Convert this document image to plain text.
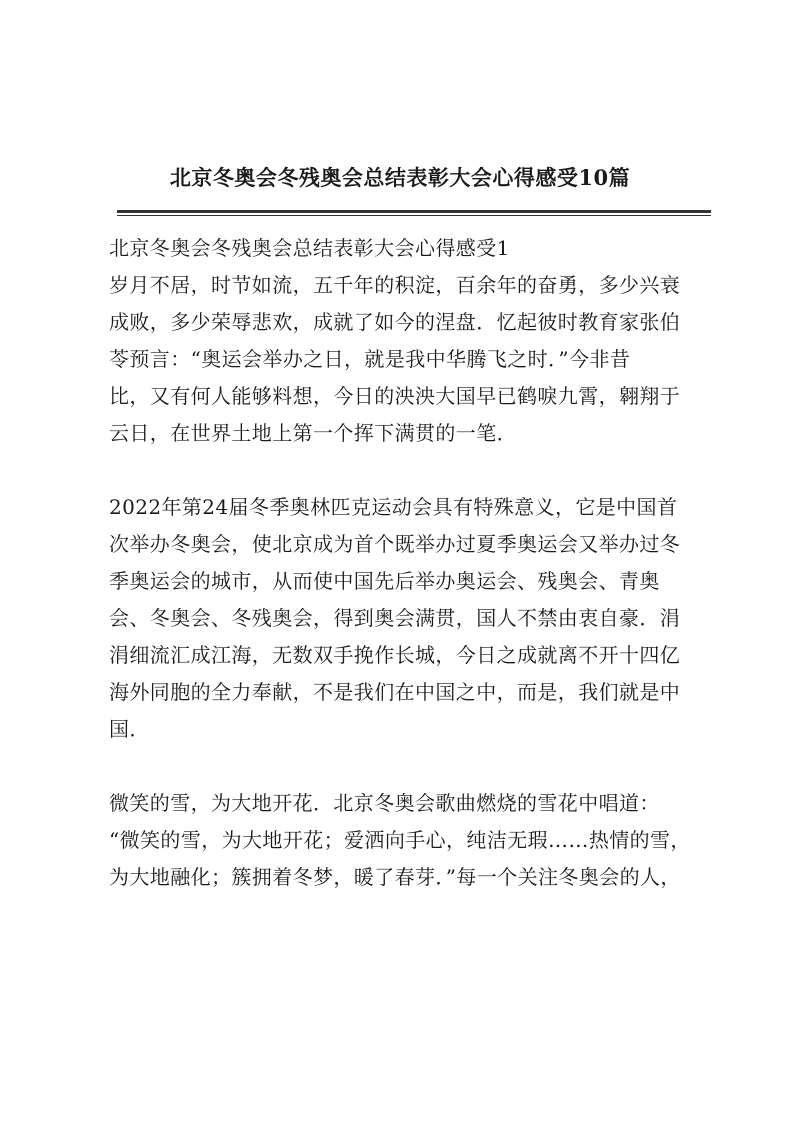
北京冬奥会冬残奥会总结表彰大会心得感受10篇
北京冬奥会冬残奥会总结表彰大会心得感受1
岁月不居，时节如流，五千年的积淀，百余年的奋勇，多少兴衰
成败，多少荣辱悲欢，成就了如今的涅盘．忆起彼时教育家张伯
苓预言：“奥运会举办之日，就是我中华腾飞之时．”今非昔
比，又有何人能够料想，今日的泱泱大国早已鹤唳九霄，翱翔于
云日，在世界土地上第一个挥下满贯的一笔．
2022年第24届冬季奥林匹克运动会具有特殊意义，它是中国首
次举办冬奥会，使北京成为首个既举办过夏季奥运会又举办过冬
季奥运会的城市，从而使中国先后举办奥运会、残奥会、青奥
会、冬奥会、冬残奥会，得到奥会满贯，国人不禁由衷自豪．涓
涓细流汇成江海，无数双手挽作长城，今日之成就离不开十四亿
海外同胞的全力奉献，不是我们在中国之中，而是，我们就是中
国．
微笑的雪，为大地开花．北京冬奥会歌曲燃烧的雪花中唱道：
“微笑的雪，为大地开花；爱洒向手心，纯洁无瑕……热情的雪，
为大地融化；簇拥着冬梦，暖了春芽．”每一个关注冬奥会的人，
